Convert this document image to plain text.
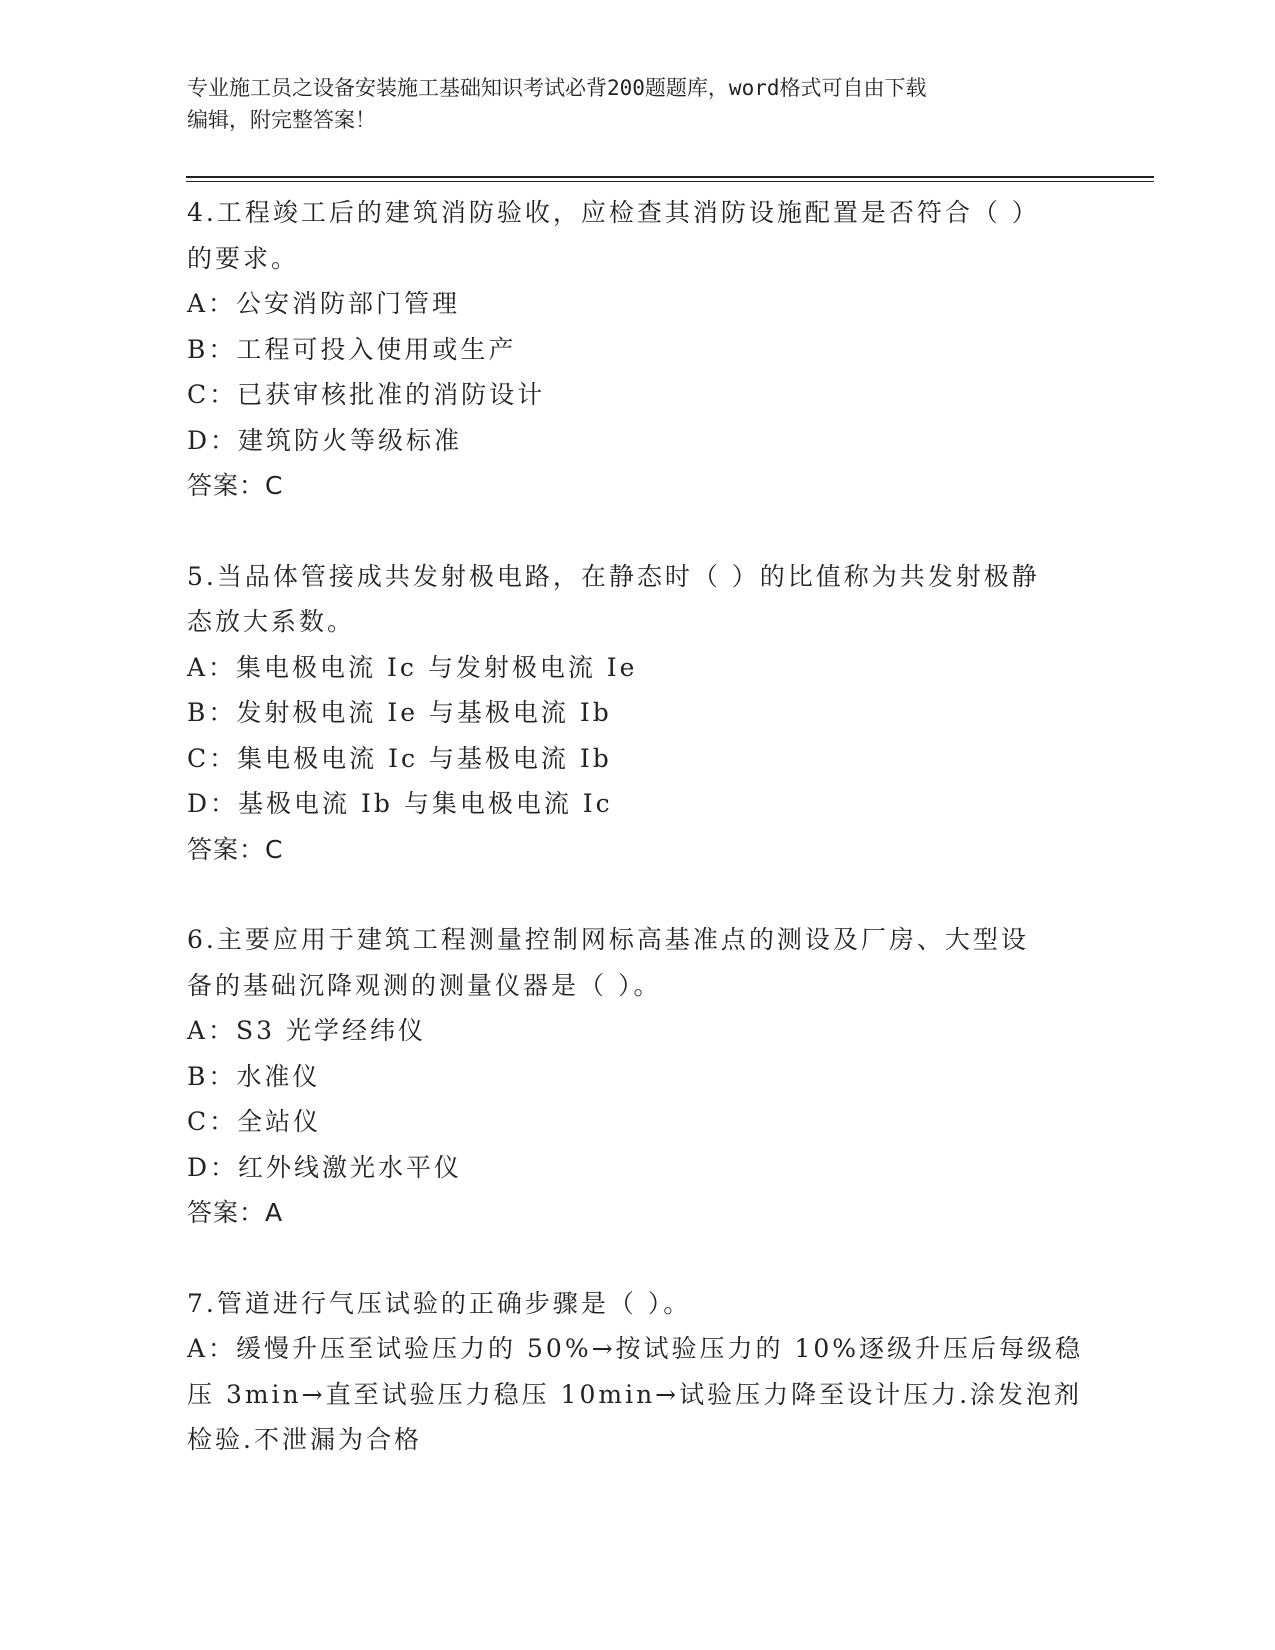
专业施工员之设备安装施工基础知识考试必背200题题库，word格式可自由下载
编辑，附完整答案！
4.工程竣工后的建筑消防验收，应检查其消防设施配置是否符合（ ）
的要求。
A：公安消防部门管理
B：工程可投入使用或生产
C：已获审核批准的消防设计
D：建筑防火等级标准
答案：C
5.当品体管接成共发射极电路，在静态时（ ）的比值称为共发射极静
态放大系数。
A：集电极电流 Ic 与发射极电流 Ie
B：发射极电流 Ie 与基极电流 Ib
C：集电极电流 Ic 与基极电流 Ib
D：基极电流 Ib 与集电极电流 Ic
答案：C
6.主要应用于建筑工程测量控制网标高基准点的测设及厂房、大型设
备的基础沉降观测的测量仪器是（ ）。
A：S3 光学经纬仪
B：水准仪
C：全站仪
D：红外线激光水平仪
答案：A
7.管道进行气压试验的正确步骤是（ ）。
A：缓慢升压至试验压力的 50%→按试验压力的 10%逐级升压后每级稳
压 3min→直至试验压力稳压 10min→试验压力降至设计压力.涂发泡剂
检验.不泄漏为合格
